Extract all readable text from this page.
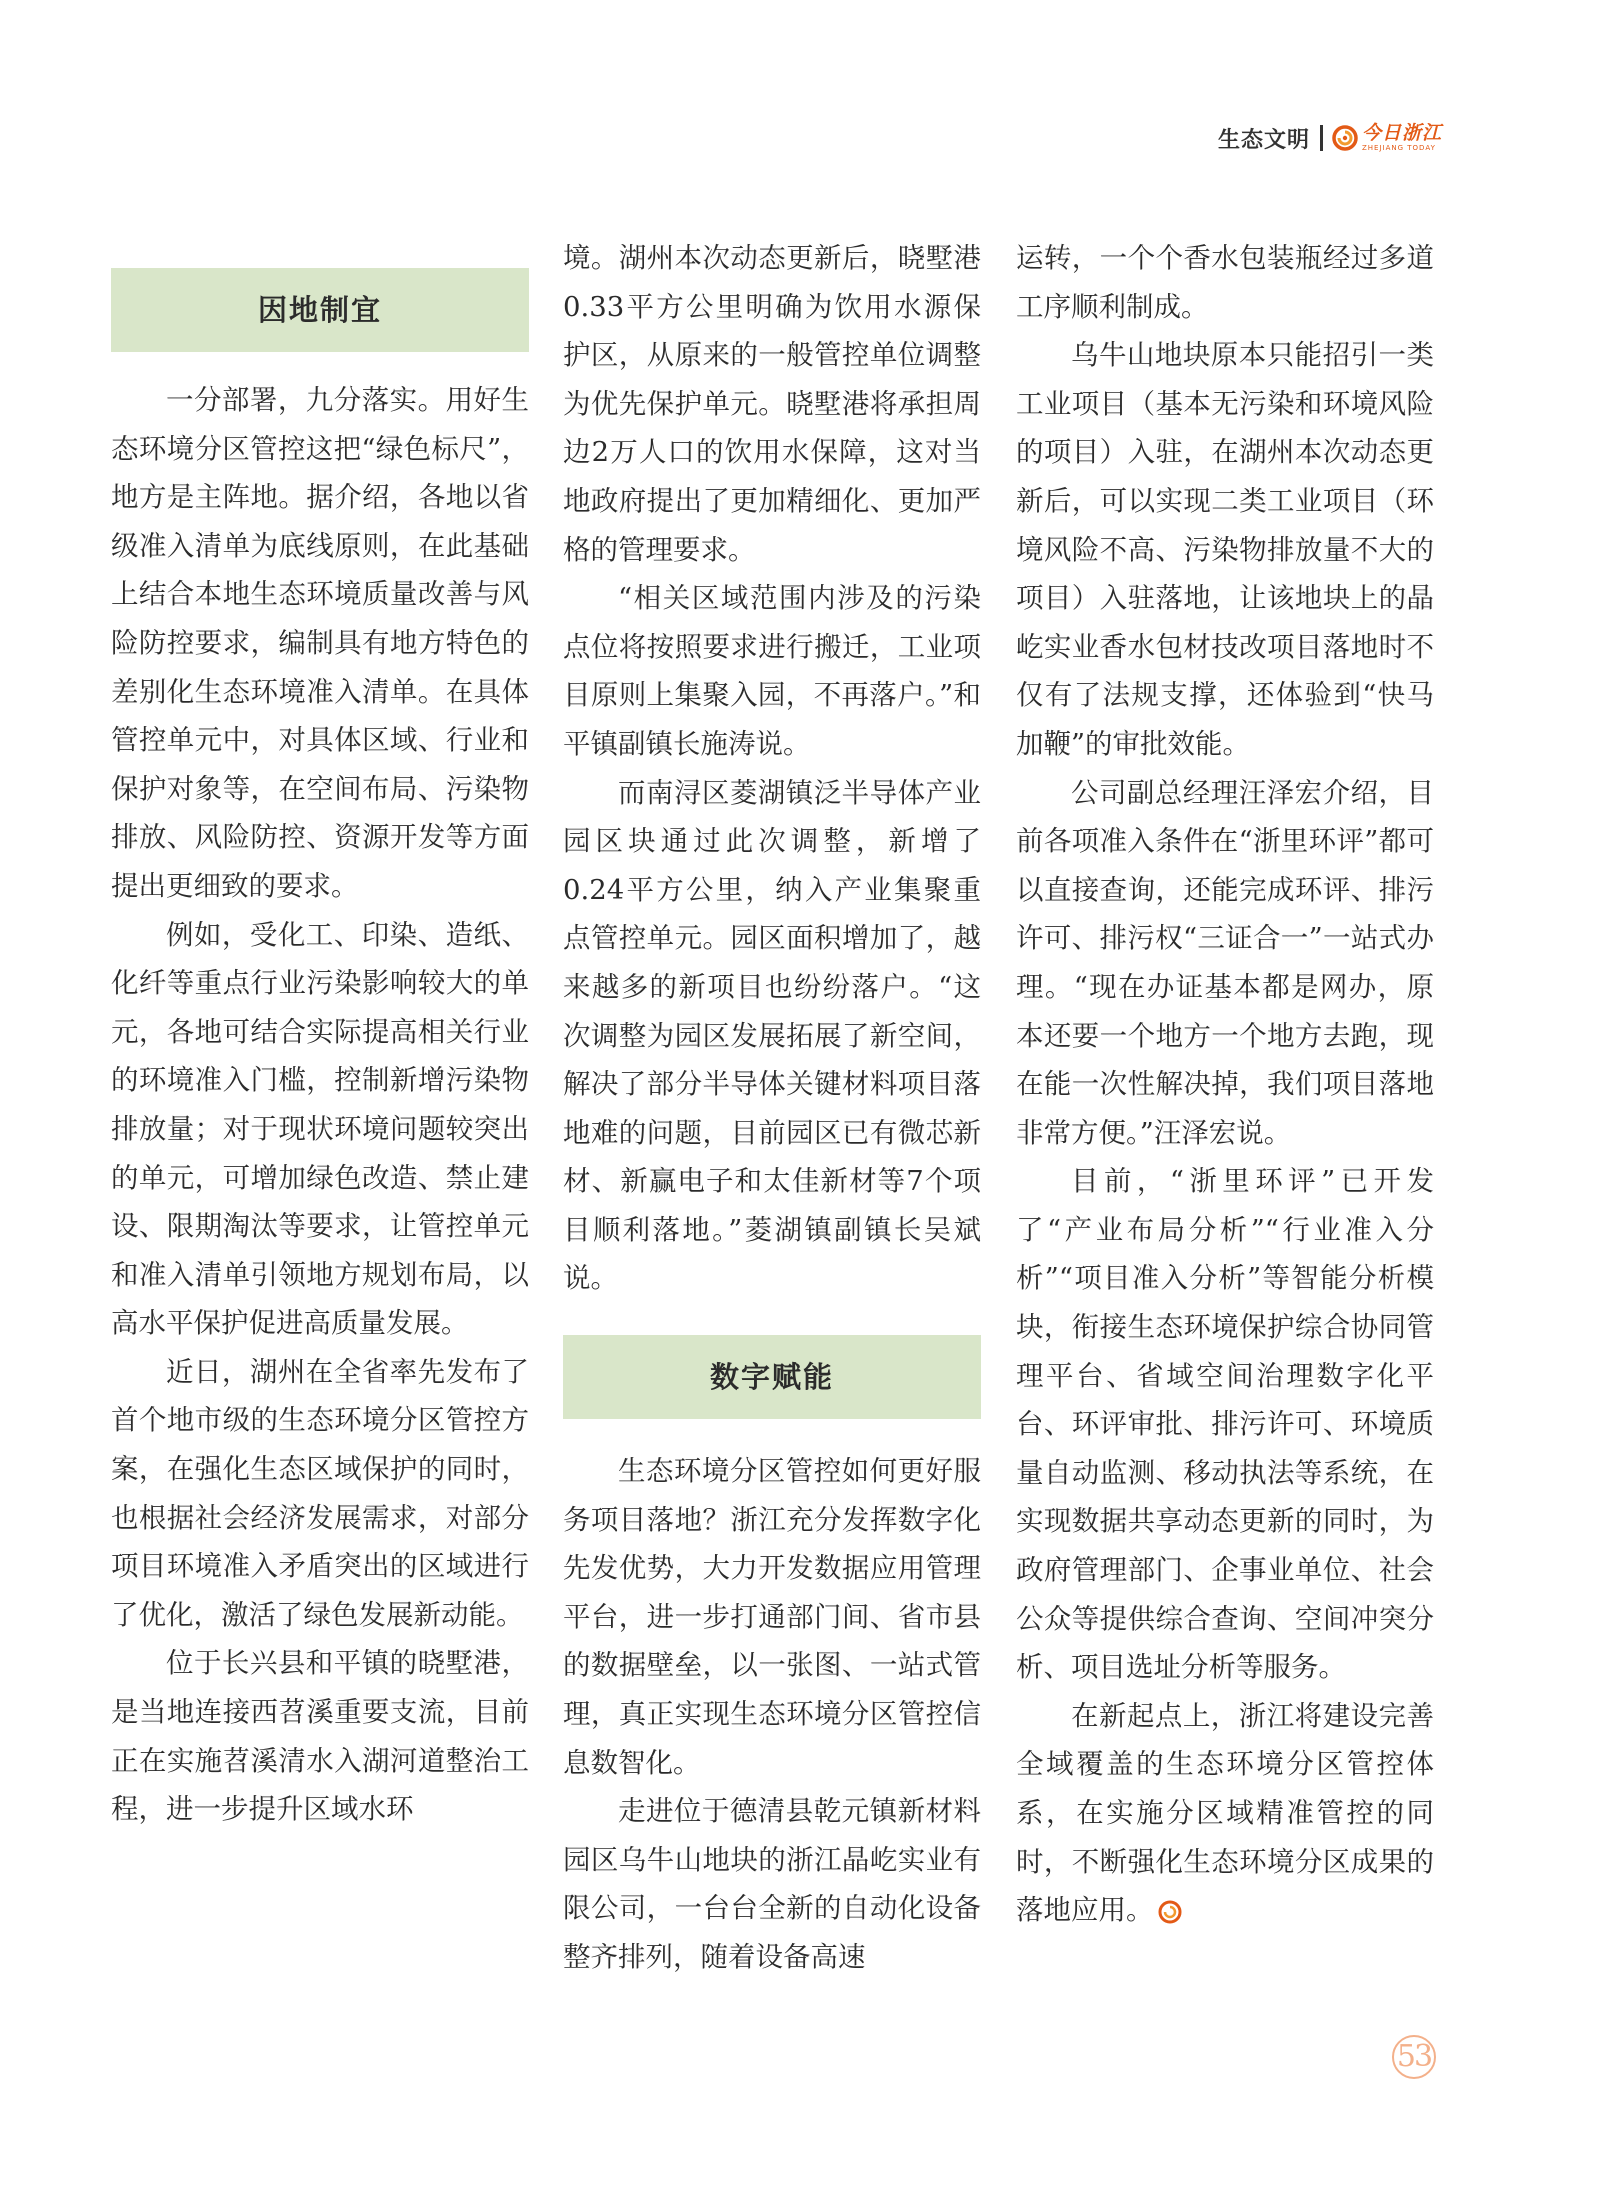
生态文明	今日浙江
ZHEJIANG TODAY
因地制宜

一分部署，九分落实。用好生态环境分区管控这把“绿色标尺”，地方是主阵地。据介绍，各地以省级准入清单为底线原则，在此基础上结合本地生态环境质量改善与风险防控要求，编制具有地方特色的差别化生态环境准入清单。在具体管控单元中，对具体区域、行业和保护对象等，在空间布局、污染物排放、风险防控、资源开发等方面提出更细致的要求。

例如，受化工、印染、造纸、化纤等重点行业污染影响较大的单元，各地可结合实际提高相关行业的环境准入门槛，控制新增污染物排放量；对于现状环境问题较突出的单元，可增加绿色改造、禁止建设、限期淘汰等要求，让管控单元和准入清单引领地方规划布局，以高水平保护促进高质量发展。

近日，湖州在全省率先发布了首个地市级的生态环境分区管控方案，在强化生态区域保护的同时，也根据社会经济发展需求，对部分项目环境准入矛盾突出的区域进行了优化，激活了绿色发展新动能。

位于长兴县和平镇的晓墅港，是当地连接西苕溪重要支流，目前正在实施苕溪清水入湖河道整治工程，进一步提升区域水环

境。湖州本次动态更新后，晓墅港0.33平方公里明确为饮用水源保护区，从原来的一般管控单位调整为优先保护单元。晓墅港将承担周边2万人口的饮用水保障，这对当地政府提出了更加精细化、更加严格的管理要求。

“相关区域范围内涉及的污染点位将按照要求进行搬迁，工业项目原则上集聚入园，不再落户。”和平镇副镇长施涛说。

而南浔区菱湖镇泛半导体产业园区块通过此次调整，新增了0.24平方公里，纳入产业集聚重点管控单元。园区面积增加了，越来越多的新项目也纷纷落户。“这次调整为园区发展拓展了新空间，解决了部分半导体关键材料项目落地难的问题，目前园区已有微芯新材、新赢电子和太佳新材等7个项目顺利落地。”菱湖镇副镇长吴斌说。

数字赋能

生态环境分区管控如何更好服务项目落地？浙江充分发挥数字化先发优势，大力开发数据应用管理平台，进一步打通部门间、省市县的数据壁垒，以一张图、一站式管理，真正实现生态环境分区管控信息数智化。

走进位于德清县乾元镇新材料园区乌牛山地块的浙江晶屹实业有限公司，一台台全新的自动化设备整齐排列，随着设备高速

运转，一个个香水包装瓶经过多道工序顺利制成。

乌牛山地块原本只能招引一类工业项目（基本无污染和环境风险的项目）入驻，在湖州本次动态更新后，可以实现二类工业项目（环境风险不高、污染物排放量不大的项目）入驻落地，让该地块上的晶屹实业香水包材技改项目落地时不仅有了法规支撑，还体验到“快马加鞭”的审批效能。

公司副总经理汪泽宏介绍，目前各项准入条件在“浙里环评”都可以直接查询，还能完成环评、排污许可、排污权“三证合一”一站式办理。“现在办证基本都是网办，原本还要一个地方一个地方去跑，现在能一次性解决掉，我们项目落地非常方便。”汪泽宏说。

目前，“浙里环评”已开发了“产业布局分析”“行业准入分析”“项目准入分析”等智能分析模块，衔接生态环境保护综合协同管理平台、省域空间治理数字化平台、环评审批、排污许可、环境质量自动监测、移动执法等系统，在实现数据共享动态更新的同时，为政府管理部门、企事业单位、社会公众等提供综合查询、空间冲突分析、项目选址分析等服务。

在新起点上，浙江将建设完善全域覆盖的生态环境分区管控体系，在实施分区域精准管控的同时，不断强化生态环境分区成果的落地应用。

53
